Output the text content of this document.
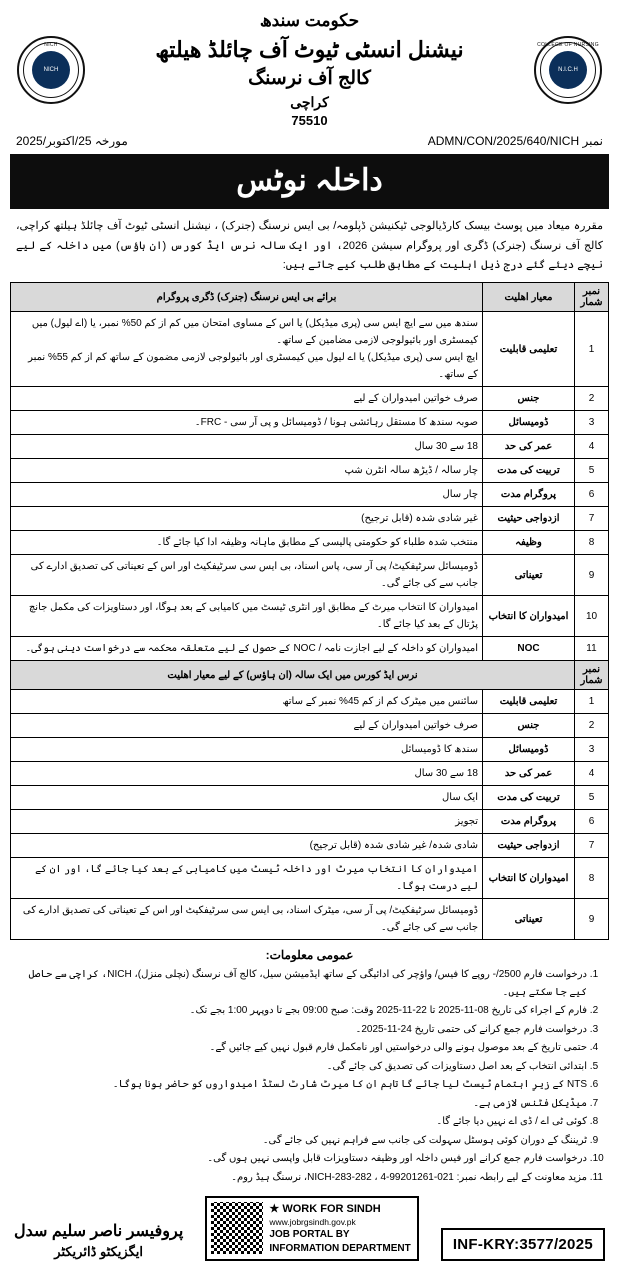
NICH
NICH
حکومت سندھ
نیشنل انسٹی ٹیوٹ آف چائلڈ ھیلتھ
کالج آف نرسنگ
کراچی
75510
COLLEGE OF NURSING
N.I.C.H
مورخہ 25/اکتوبر/2025	نمبر ADMN/CON/2025/640/NICH
داخلہ نوٹس
مقررہ میعاد میں پوسٹ بیسک کارڈیالوجی ٹیکنیشن ڈپلومہ/ بی ایس نرسنگ (جنرک) ، نیشنل انسٹی ٹیوٹ آف چائلڈ ہیلتھ کراچی، کالج آف نرسنگ (جنرک) ڈگری اور پروگرام سیشن 2026، اور ایک سالہ نرس ایڈ کورس (ان ہاؤس) میں داخلہ کے لیے نیچے دیئے گئے درج ذیل اہلیت کے مطابق طلب کیے جاتے ہیں:
نمبر شمار	معیار اھلیت	برائے بی ایس نرسنگ (جنرک) ڈگری پروگرام
1	تعلیمی قابلیت	سندھ میں سے ایچ ایس سی (پری میڈیکل) یا اس کے مساوی امتحان میں کم از کم 50% نمبر، یا (اے لیول) میں کیمسٹری اور بائیولوجی لازمی مضامین کے ساتھ۔
ایچ ایس سی (پری میڈیکل) یا اے لیول میں کیمسٹری اور بائیولوجی لازمی مضمون کے ساتھ کم از کم 55% نمبر کے ساتھ۔
2	جنس	صرف خواتین امیدواران کے لیے
3	ڈومیسائل	صوبہ سندھ کا مستقل رہائشی ہونا / ڈومیسائل و پی آر سی - FRC۔
4	عمر کی حد	18 سے 30 سال
5	تربیت کی مدت	چار سالہ / ڈیڑھ سالہ انٹرن شپ
6	پروگرام مدت	چار سال
7	ازدواجی حیثیت	غیر شادی شدہ (قابل ترجیح)
8	وظیفہ	منتخب شدہ طلباء کو حکومتی پالیسی کے مطابق ماہانہ وظیفہ ادا کیا جائے گا۔
9	تعیناتی	ڈومیسائل سرٹیفکیٹ/ پی آر سی، پاس اسناد، بی ایس سی سرٹیفکیٹ اور اس کے تعیناتی کی تصدیق ادارے کی جانب سے کی جائے گی۔
10	امیدواران کا انتخاب	امیدواران کا انتخاب میرٹ کے مطابق اور انٹری ٹیسٹ میں کامیابی کے بعد ہوگا، اور دستاویزات کی مکمل جانچ پڑتال کے بعد کیا جائے گا۔
11	NOC	امیدواران کو داخلہ کے لیے اجازت نامہ / NOC کے حصول کے لیے متعلقہ محکمہ سے درخواست دینی ہوگی۔
نمبر شمار	نرس ایڈ کورس میں ایک سالہ (ان ہاؤس) کے لیے معیار اھلیت	
1	تعلیمی قابلیت	سائنس میں میٹرک کم از کم 45% نمبر کے ساتھ
2	جنس	صرف خواتین امیدواران کے لیے
3	ڈومیسائل	سندھ کا ڈومیسائل
4	عمر کی حد	18 سے 30 سال
5	تربیت کی مدت	ایک سال
6	پروگرام مدت	تجویز
7	ازدواجی حیثیت	شادی شدہ/ غیر شادی شدہ (قابل ترجیح)
8	امیدواران کا انتخاب	امیدواران کا انتخاب میرٹ اور داخلہ ٹیسٹ میں کامیابی کے بعد کیا جائے گا، اور ان کے لیے درست ہوگا۔
9	تعیناتی	ڈومیسائل سرٹیفکیٹ/ پی آر سی، میٹرک اسناد، بی ایس سی سرٹیفکیٹ اور اس کے تعیناتی کی تصدیق ادارے کی جانب سے کی جائے گی۔
عمومی معلومات:
1. درخواست فارم 2500/- روپے کا فیس/ واؤچر کی ادائیگی کے ساتھ ایڈمیشن سیل، کالج آف نرسنگ (نچلی منزل)، NICH، کراچی سے حاصل کیے جا سکتے ہیں۔
2. فارم کے اجراء کی تاریخ 08-11-2025 تا 22-11-2025 وقت: صبح 09:00 بجے تا دوپہر 1:00 بجے تک۔
3. درخواست فارم جمع کرانے کی حتمی تاریخ 24-11-2025۔
4. حتمی تاریخ کے بعد موصول ہونے والی درخواستیں اور نامکمل فارم قبول نہیں کیے جائیں گے۔
5. ابتدائی انتخاب کے بعد اصل دستاویزات کی تصدیق کی جائے گی۔
6. NTS کے زیرِ اہتمام ٹیسٹ لیا جائے گا تاہم ان کا میرٹ شارٹ لسٹڈ امیدواروں کو حاضر ہونا ہوگا۔
7. میڈیکل فٹنس لازمی ہے۔
8. کوئی ٹی اے / ڈی اے نہیں دیا جائے گا۔
9. ٹریننگ کے دوران کوئی ہوسٹل سہولت کی جانب سے فراہم نہیں کی جائے گی۔
10. درخواست فارم جمع کرانے اور فیس داخلہ اور وظیفہ دستاویزات قابل واپسی نہیں ہوں گی۔
11. مزید معاونت کے لیے رابطہ نمبر: 021-99201261-4 ، NICH-283-282، نرسنگ ہیڈ روم۔
پروفیسر ناصر سلیم سدل
ایگزیکٹو ڈائریکٹر
★ WORK FOR SINDH
www.jobrgsindh.gov.pk
JOB PORTAL BY
INFORMATION DEPARTMENT	INF-KRY:3577/2025
